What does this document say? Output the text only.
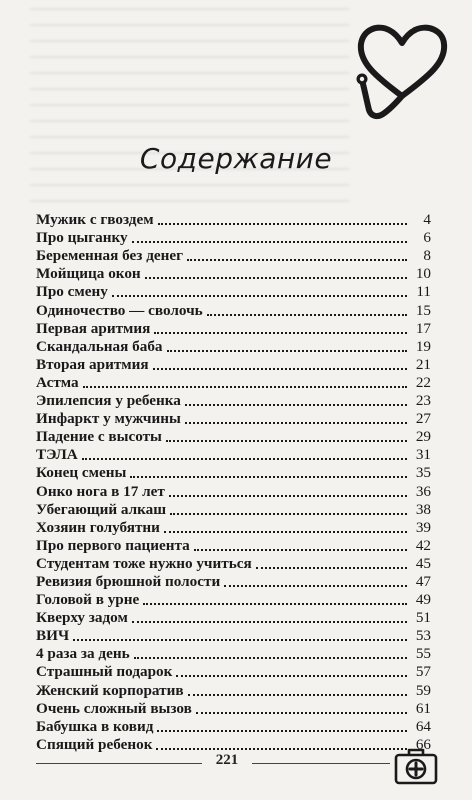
Содержание
Мужик с гвоздем	4
Про цыганку	6
Беременная без денег	8
Мойщица окон	10
Про смену	11
Одиночество — сволочь	15
Первая аритмия	17
Скандальная баба	19
Вторая аритмия	21
Астма	22
Эпилепсия у ребенка	23
Инфаркт у мужчины	27
Падение с высоты	29
ТЭЛА	31
Конец смены	35
Онко нога в 17 лет	36
Убегающий алкаш	38
Хозяин голубятни	39
Про первого пациента	42
Студентам тоже нужно учиться	45
Ревизия брюшной полости	47
Головой в урне	49
Кверху задом	51
ВИЧ	53
4 раза за день	55
Страшный подарок	57
Женский корпоратив	59
Очень сложный вызов	61
Бабушка в ковид	64
Спящий ребенок	66
221
